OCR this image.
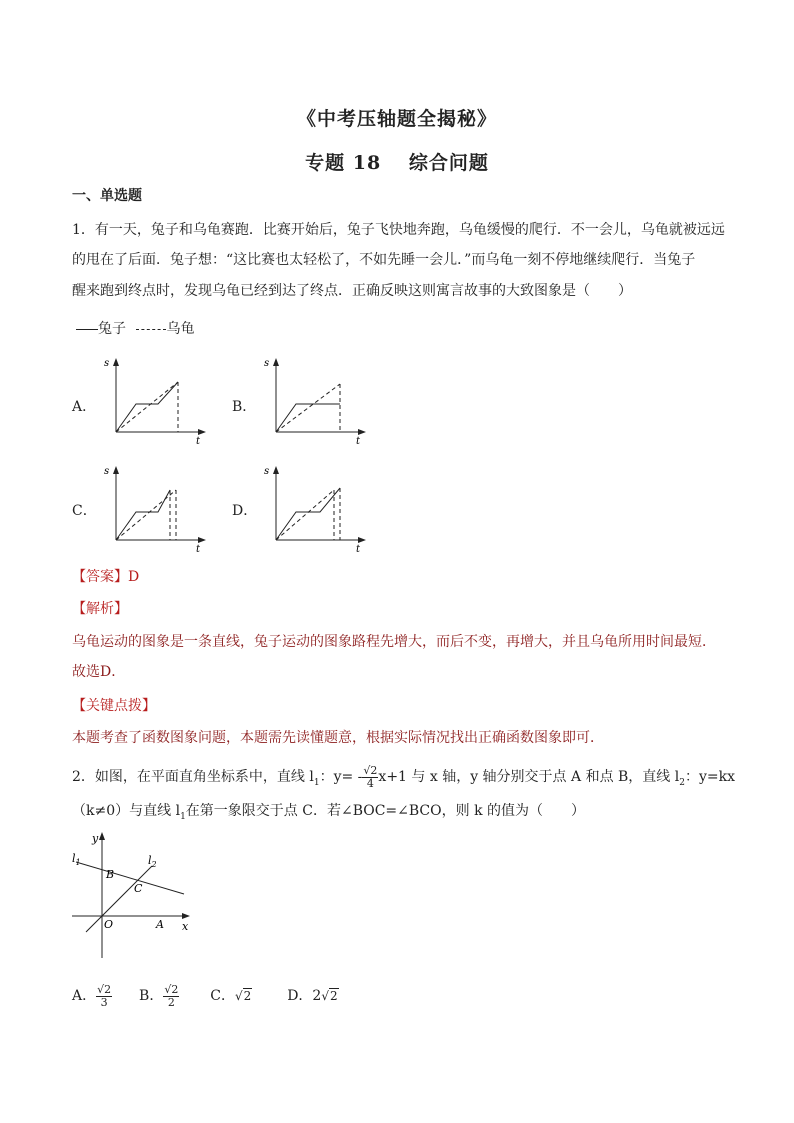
《中考压轴题全揭秘》
专题 18　 综合问题
一、单选题
1．有一天，兔子和乌龟赛跑．比赛开始后，兔子飞快地奔跑，乌龟缓慢的爬行．不一会儿，乌龟就被远远
的甩在了后面．兔子想：“这比赛也太轻松了，不如先睡一会儿．”而乌龟一刻不停地继续爬行．当兔子
醒来跑到终点时，发现乌龟已经到达了终点．正确反映这则寓言故事的大致图象是（　　）
兔子	乌龟
A．	B．
C．	D．
s
t
s
t
s
t
s
t
【答案】D
【解析】
乌龟运动的图象是一条直线，兔子运动的图象路程先增大，而后不变，再增大，并且乌龟所用时间最短．
故选D．
【关键点拨】
本题考查了函数图象问题，本题需先读懂题意，根据实际情况找出正确函数图象即可．
2．如图，在平面直角坐标系中，直线 $l_1$：$y= - \frac{√2}{4} x+1$ 与 x 轴，y 轴分别交于点 A 和点 B，直线 $l_2$：y=kx
（k≠0）与直线 $l_1$在第一象限交于点 C．若∠BOC=∠BCO，则 k 的值为（　　）
y
x
O	A
B
C
$l_1$	$l_2$
A． $\frac{√2}{3}$ B． $\frac{√2}{2}$ C．√2	D．2√2
